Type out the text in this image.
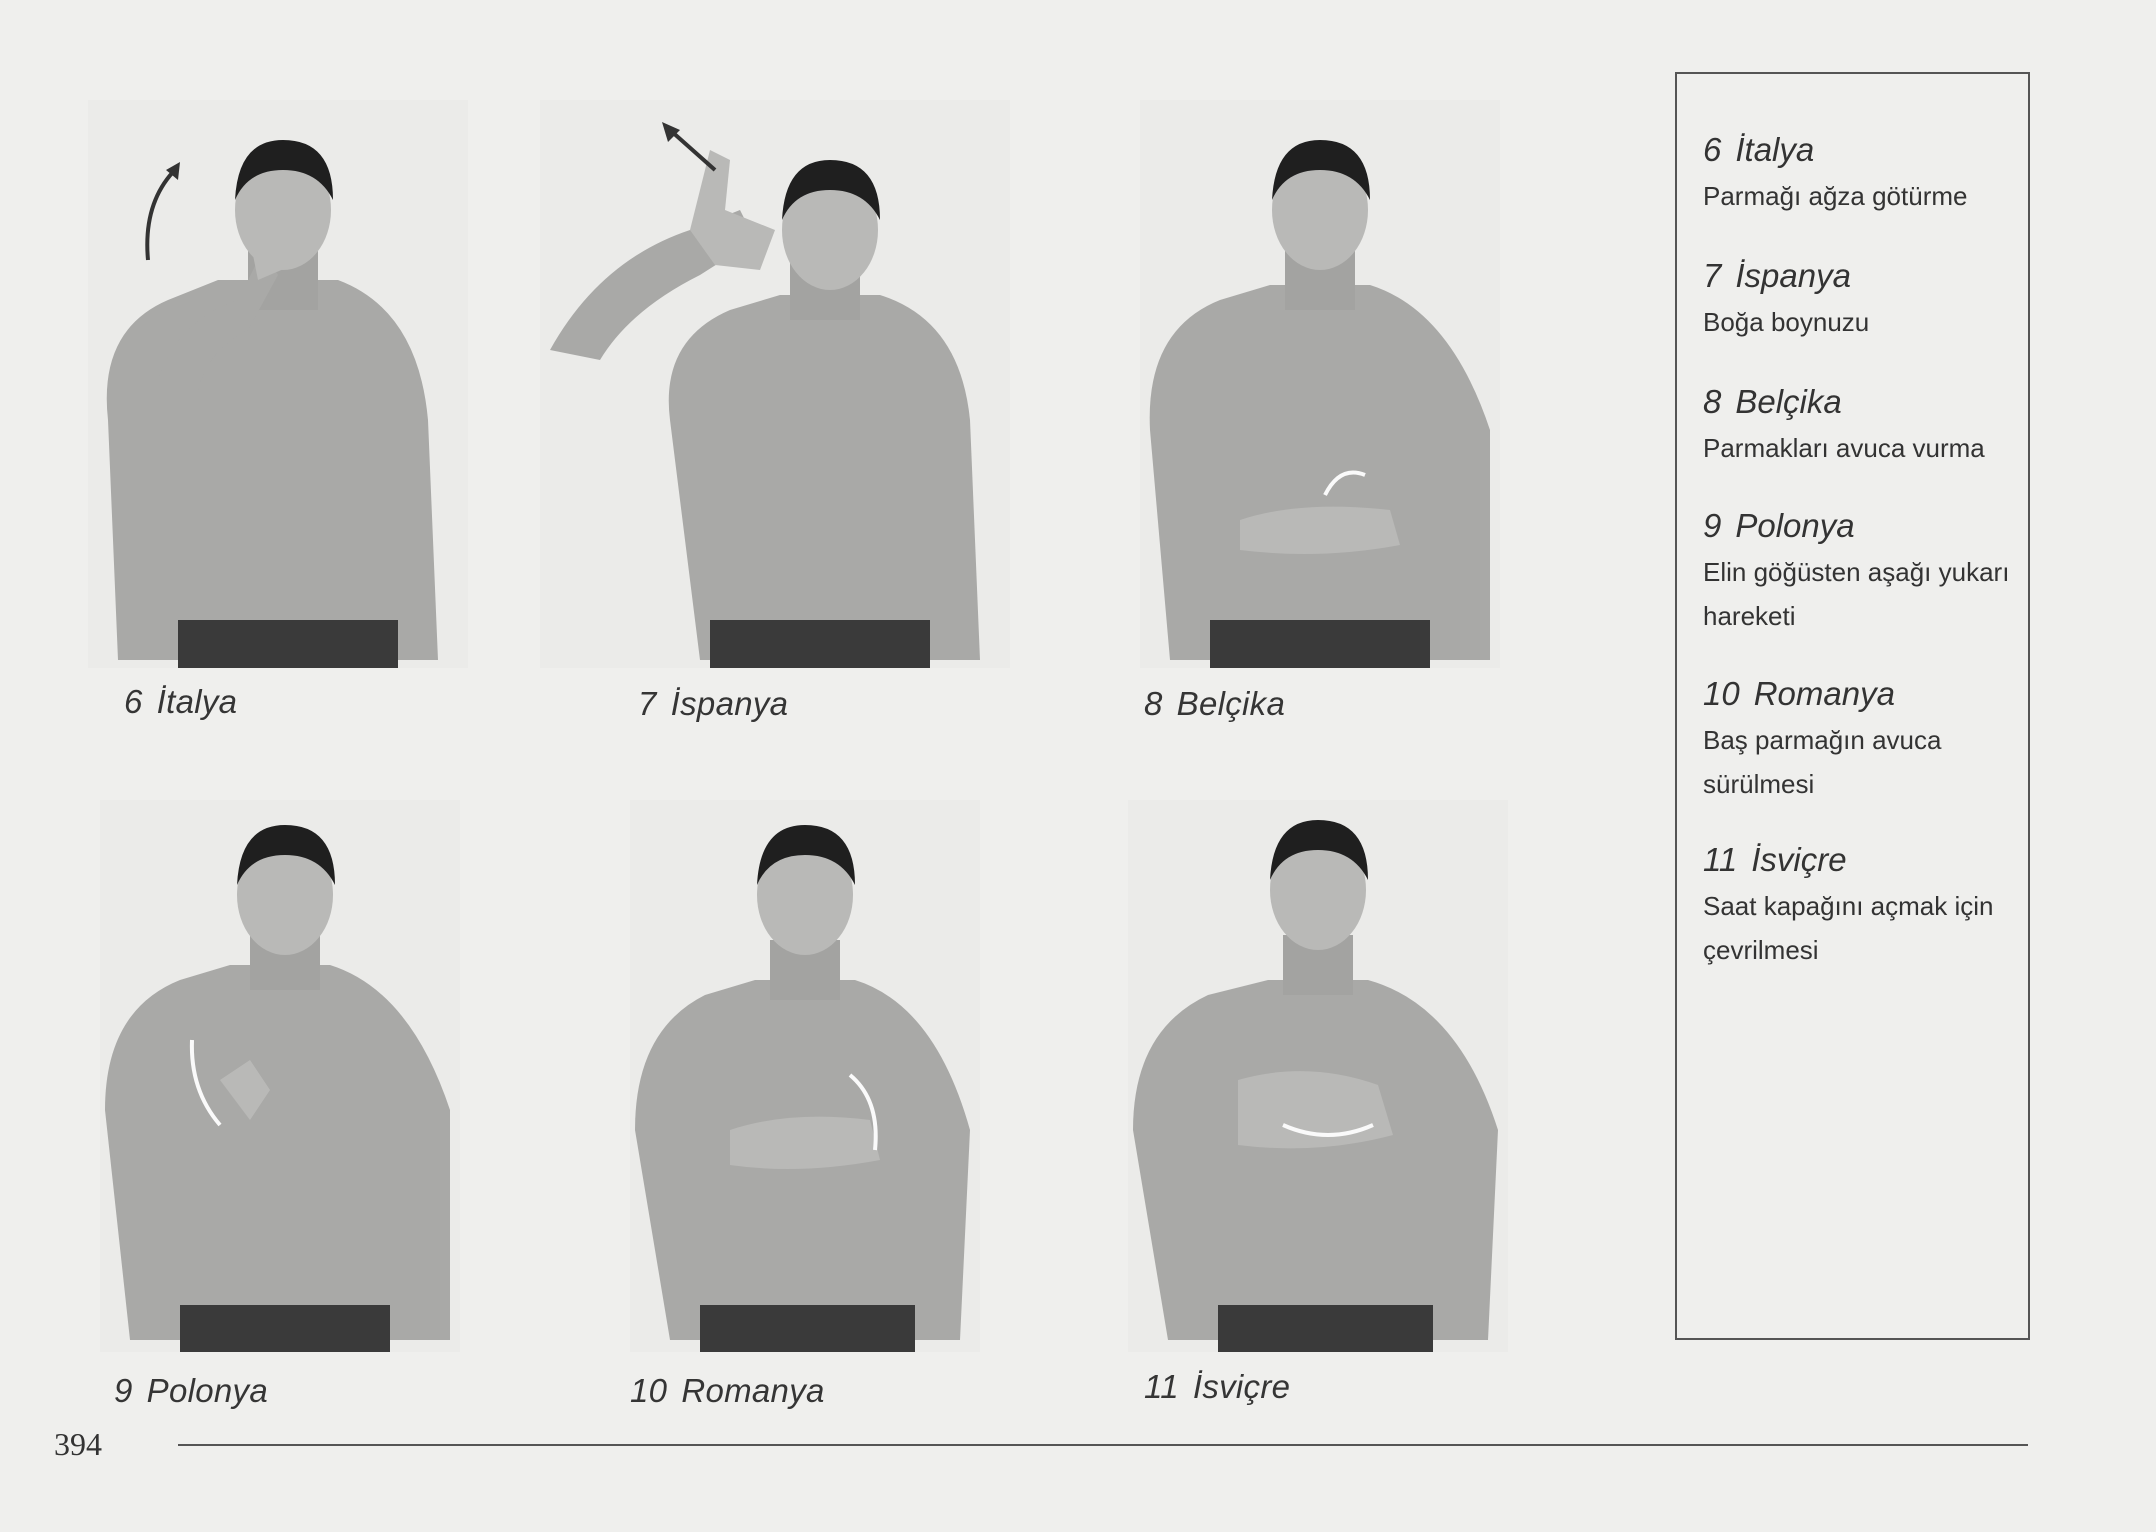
6 İtalya	7 İspanya	8 Belçika
9 Polonya	10 Romanya	11 İsviçre
6 İtalya
Parmağı ağza götürme
7 İspanya
Boğa boynuzu
8 Belçika
Parmakları avuca vurma
9 Polonya
Elin göğüsten aşağı yukarı hareketi
10 Romanya
Baş parmağın avuca sürülmesi
11 İsviçre
Saat kapağını açmak için çevrilmesi
394
